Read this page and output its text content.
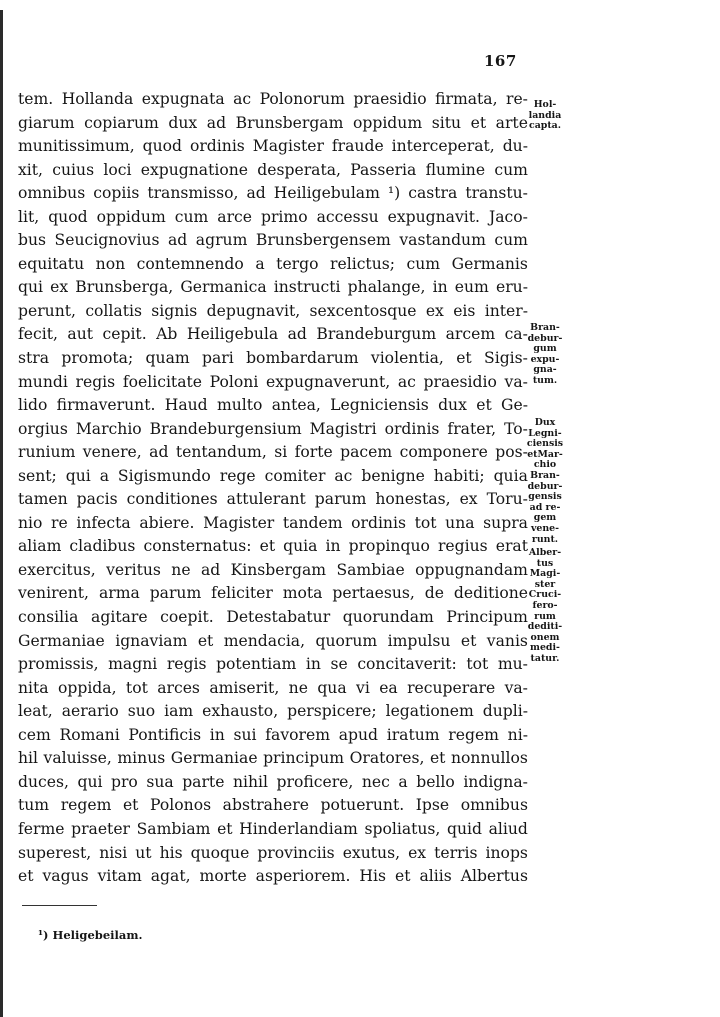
167
tem. Hollanda expugnata ac Polonorum praesidio firmata, re-
giarum copiarum dux ad Brunsbergam oppidum situ et arte
munitissimum, quod ordinis Magister fraude interceperat, du-
xit, cuius loci expugnatione desperata, Passeria flumine cum
omnibus copiis transmisso, ad Heiligebulam ¹) castra transtu-
lit, quod oppidum cum arce primo accessu expugnavit. Jaco-
bus Seucignovius ad agrum Brunsbergensem vastandum cum
equitatu non contemnendo a tergo relictus; cum Germanis
qui ex Brunsberga, Germanica instructi phalange, in eum eru-
perunt, collatis signis depugnavit, sexcentosque ex eis inter-
fecit, aut cepit. Ab Heiligebula ad Brandeburgum arcem ca-
stra promota; quam pari bombardarum violentia, et Sigis-
mundi regis foelicitate Poloni expugnaverunt, ac praesidio va-
lido firmaverunt. Haud multo antea, Legniciensis dux et Ge-
orgius Marchio Brandeburgensium Magistri ordinis frater, To-
runium venere, ad tentandum, si forte pacem componere pos-
sent; qui a Sigismundo rege comiter ac benigne habiti; quia
tamen pacis conditiones attulerant parum honestas, ex Toru-
nio re infecta abiere. Magister tandem ordinis tot una supra
aliam cladibus consternatus: et quia in propinquo regius erat
exercitus, veritus ne ad Kinsbergam Sambiae oppugnandam
venirent, arma parum feliciter mota pertaesus, de deditione
consilia agitare coepit. Detestabatur quorundam Principum
Germaniae ignaviam et mendacia, quorum impulsu et vanis
promissis, magni regis potentiam in se concitaverit: tot mu-
nita oppida, tot arces amiserit, ne qua vi ea recuperare va-
leat, aerario suo iam exhausto, perspicere; legationem dupli-
cem Romani Pontificis in sui favorem apud iratum regem ni-
hil valuisse, minus Germaniae principum Oratores, et nonnullos
duces, qui pro sua parte nihil proficere, nec a bello indigna-
tum regem et Polonos abstrahere potuerunt. Ipse omnibus
ferme praeter Sambiam et Hinderlandiam spoliatus, quid aliud
superest, nisi ut his quoque provinciis exutus, ex terris inops
et vagus vitam agat, morte asperiorem. His et aliis Albertus
Hol-
landia
capta.
Bran-
debur-
gum
expu-
gna-
tum.
Dux
Legni-
ciensis
etMar-
chio
Bran-
debur-
gensis
ad re-
gem
vene-
runt.
Alber-
tus
Magi-
ster
Cruci-
fero-
rum
dediti-
onem
medi-
tatur.
¹) Heligebeilam.
